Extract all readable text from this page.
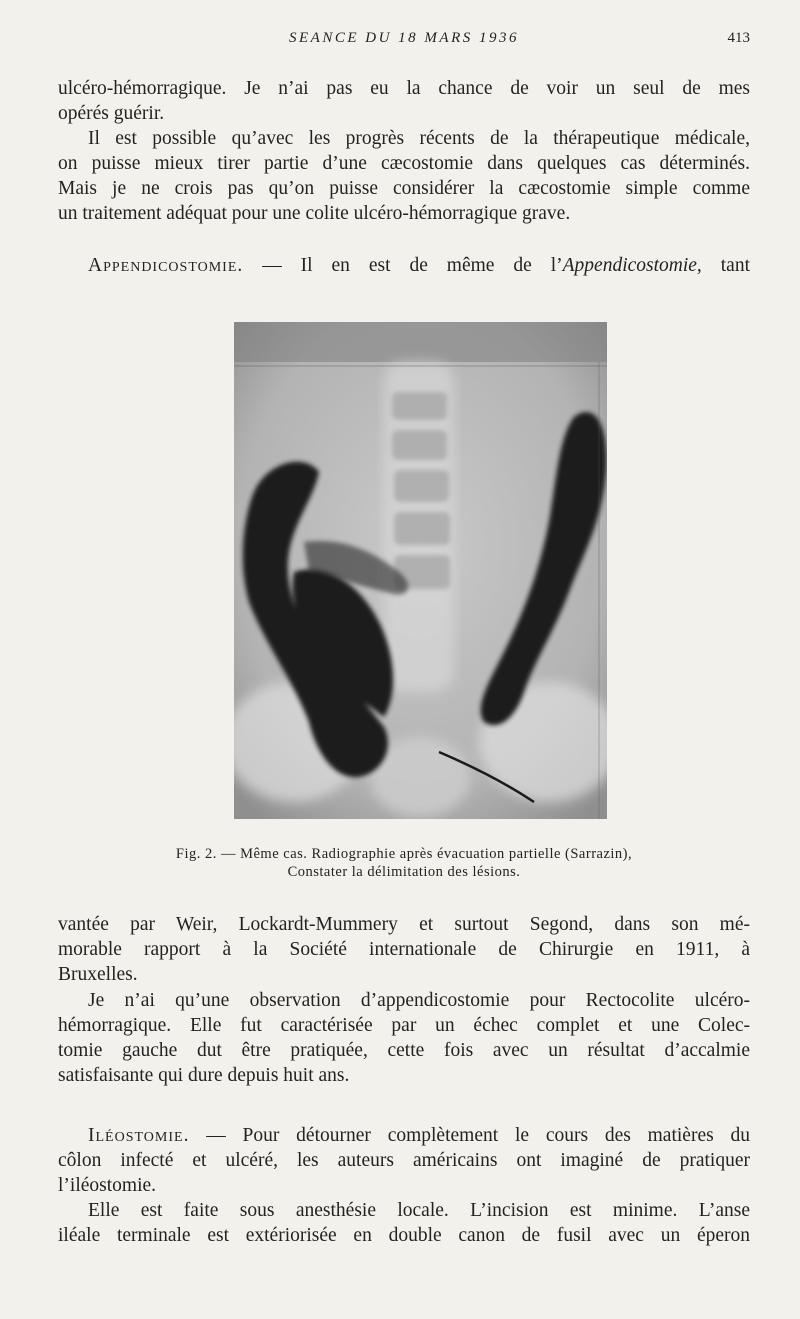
SEANCE DU 18 MARS 1936	413

ulcéro-hémorragique. Je n’ai pas eu la chance de voir un seul de mes
opérés guérir.

Il est possible qu’avec les progrès récents de la thérapeutique médicale,
on puisse mieux tirer partie d’une cæcostomie dans quelques cas déterminés.
Mais je ne crois pas qu’on puisse considérer la cæcostomie simple comme
un traitement adéquat pour une colite ulcéro-hémorragique grave.

Appendicostomie. — Il en est de même de l’Appendicostomie, tant

Fig. 2. — Même cas. Radiographie après évacuation partielle (Sarrazin),
Constater la délimitation des lésions.

vantée par Weir, Lockardt-Mummery et surtout Segond, dans son mé-
morable rapport à la Société internationale de Chirurgie en 1911, à
Bruxelles.

Je n’ai qu’une observation d’appendicostomie pour Rectocolite ulcéro-
hémorragique. Elle fut caractérisée par un échec complet et une Colec-
tomie gauche dut être pratiquée, cette fois avec un résultat d’accalmie
satisfaisante qui dure depuis huit ans.

Iléostomie. — Pour détourner complètement le cours des matières du
côlon infecté et ulcéré, les auteurs américains ont imaginé de pratiquer
l’iléostomie.

Elle est faite sous anesthésie locale. L’incision est minime. L’anse
iléale terminale est extériorisée en double canon de fusil avec un éperon
